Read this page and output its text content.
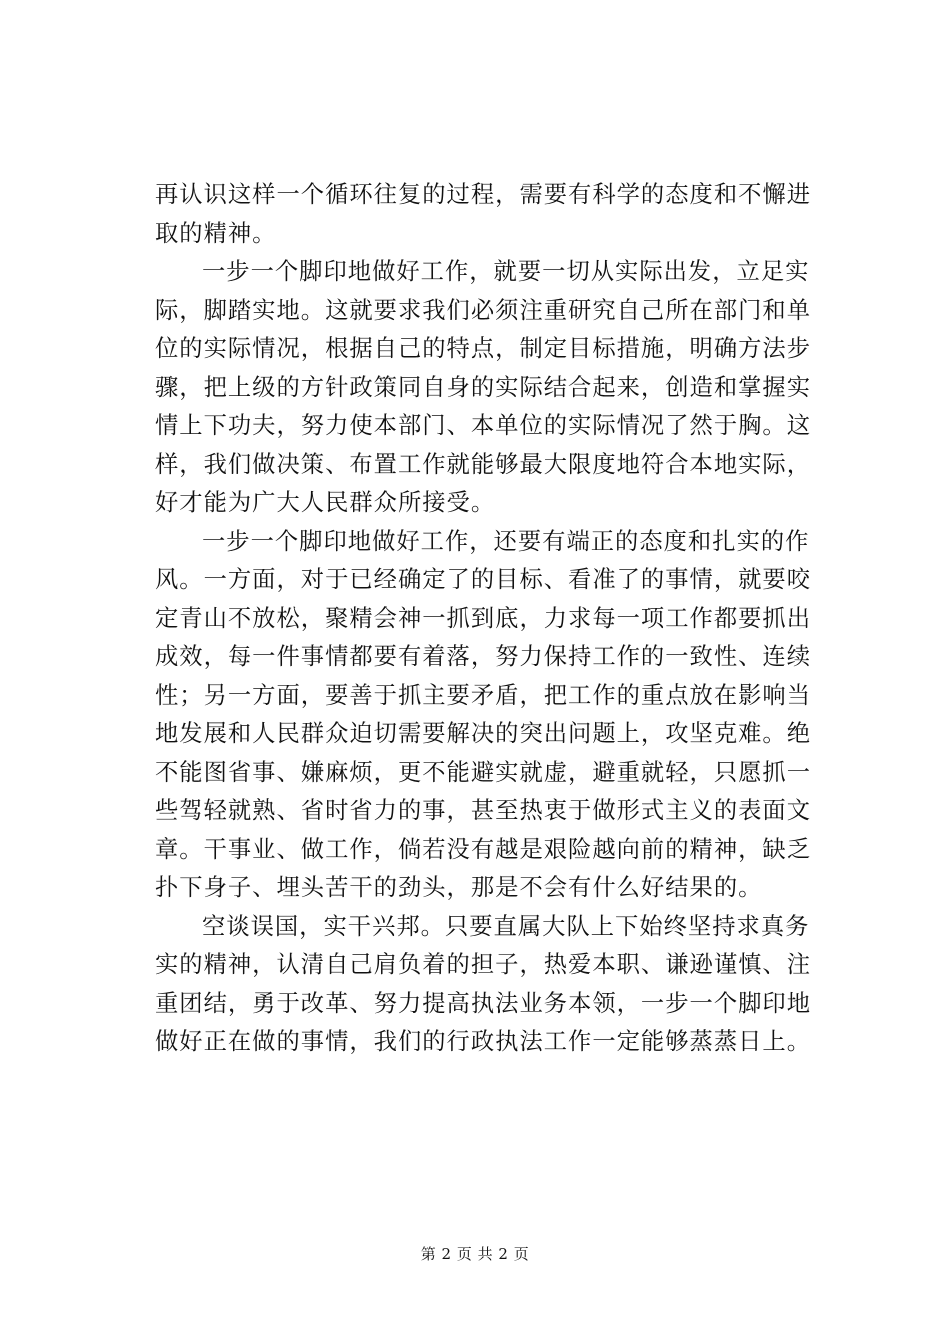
再认识这样一个循环往复的过程，需要有科学的态度和不懈进
取的精神。
一步一个脚印地做好工作，就要一切从实际出发，立足实
际，脚踏实地。这就要求我们必须注重研究自己所在部门和单
位的实际情况，根据自己的特点，制定目标措施，明确方法步
骤，把上级的方针政策同自身的实际结合起来，创造和掌握实
情上下功夫，努力使本部门、本单位的实际情况了然于胸。这
样，我们做决策、布置工作就能够最大限度地符合本地实际，
好才能为广大人民群众所接受。
一步一个脚印地做好工作，还要有端正的态度和扎实的作
风。一方面，对于已经确定了的目标、看准了的事情，就要咬
定青山不放松，聚精会神一抓到底，力求每一项工作都要抓出
成效，每一件事情都要有着落，努力保持工作的一致性、连续
性；另一方面，要善于抓主要矛盾，把工作的重点放在影响当
地发展和人民群众迫切需要解决的突出问题上，攻坚克难。绝
不能图省事、嫌麻烦，更不能避实就虚，避重就轻，只愿抓一
些驾轻就熟、省时省力的事，甚至热衷于做形式主义的表面文
章。干事业、做工作，倘若没有越是艰险越向前的精神，缺乏
扑下身子、埋头苦干的劲头，那是不会有什么好结果的。
空谈误国，实干兴邦。只要直属大队上下始终坚持求真务
实的精神，认清自己肩负着的担子，热爱本职、谦逊谨慎、注
重团结，勇于改革、努力提高执法业务本领，一步一个脚印地
做好正在做的事情，我们的行政执法工作一定能够蒸蒸日上。
第 2 页 共 2 页
